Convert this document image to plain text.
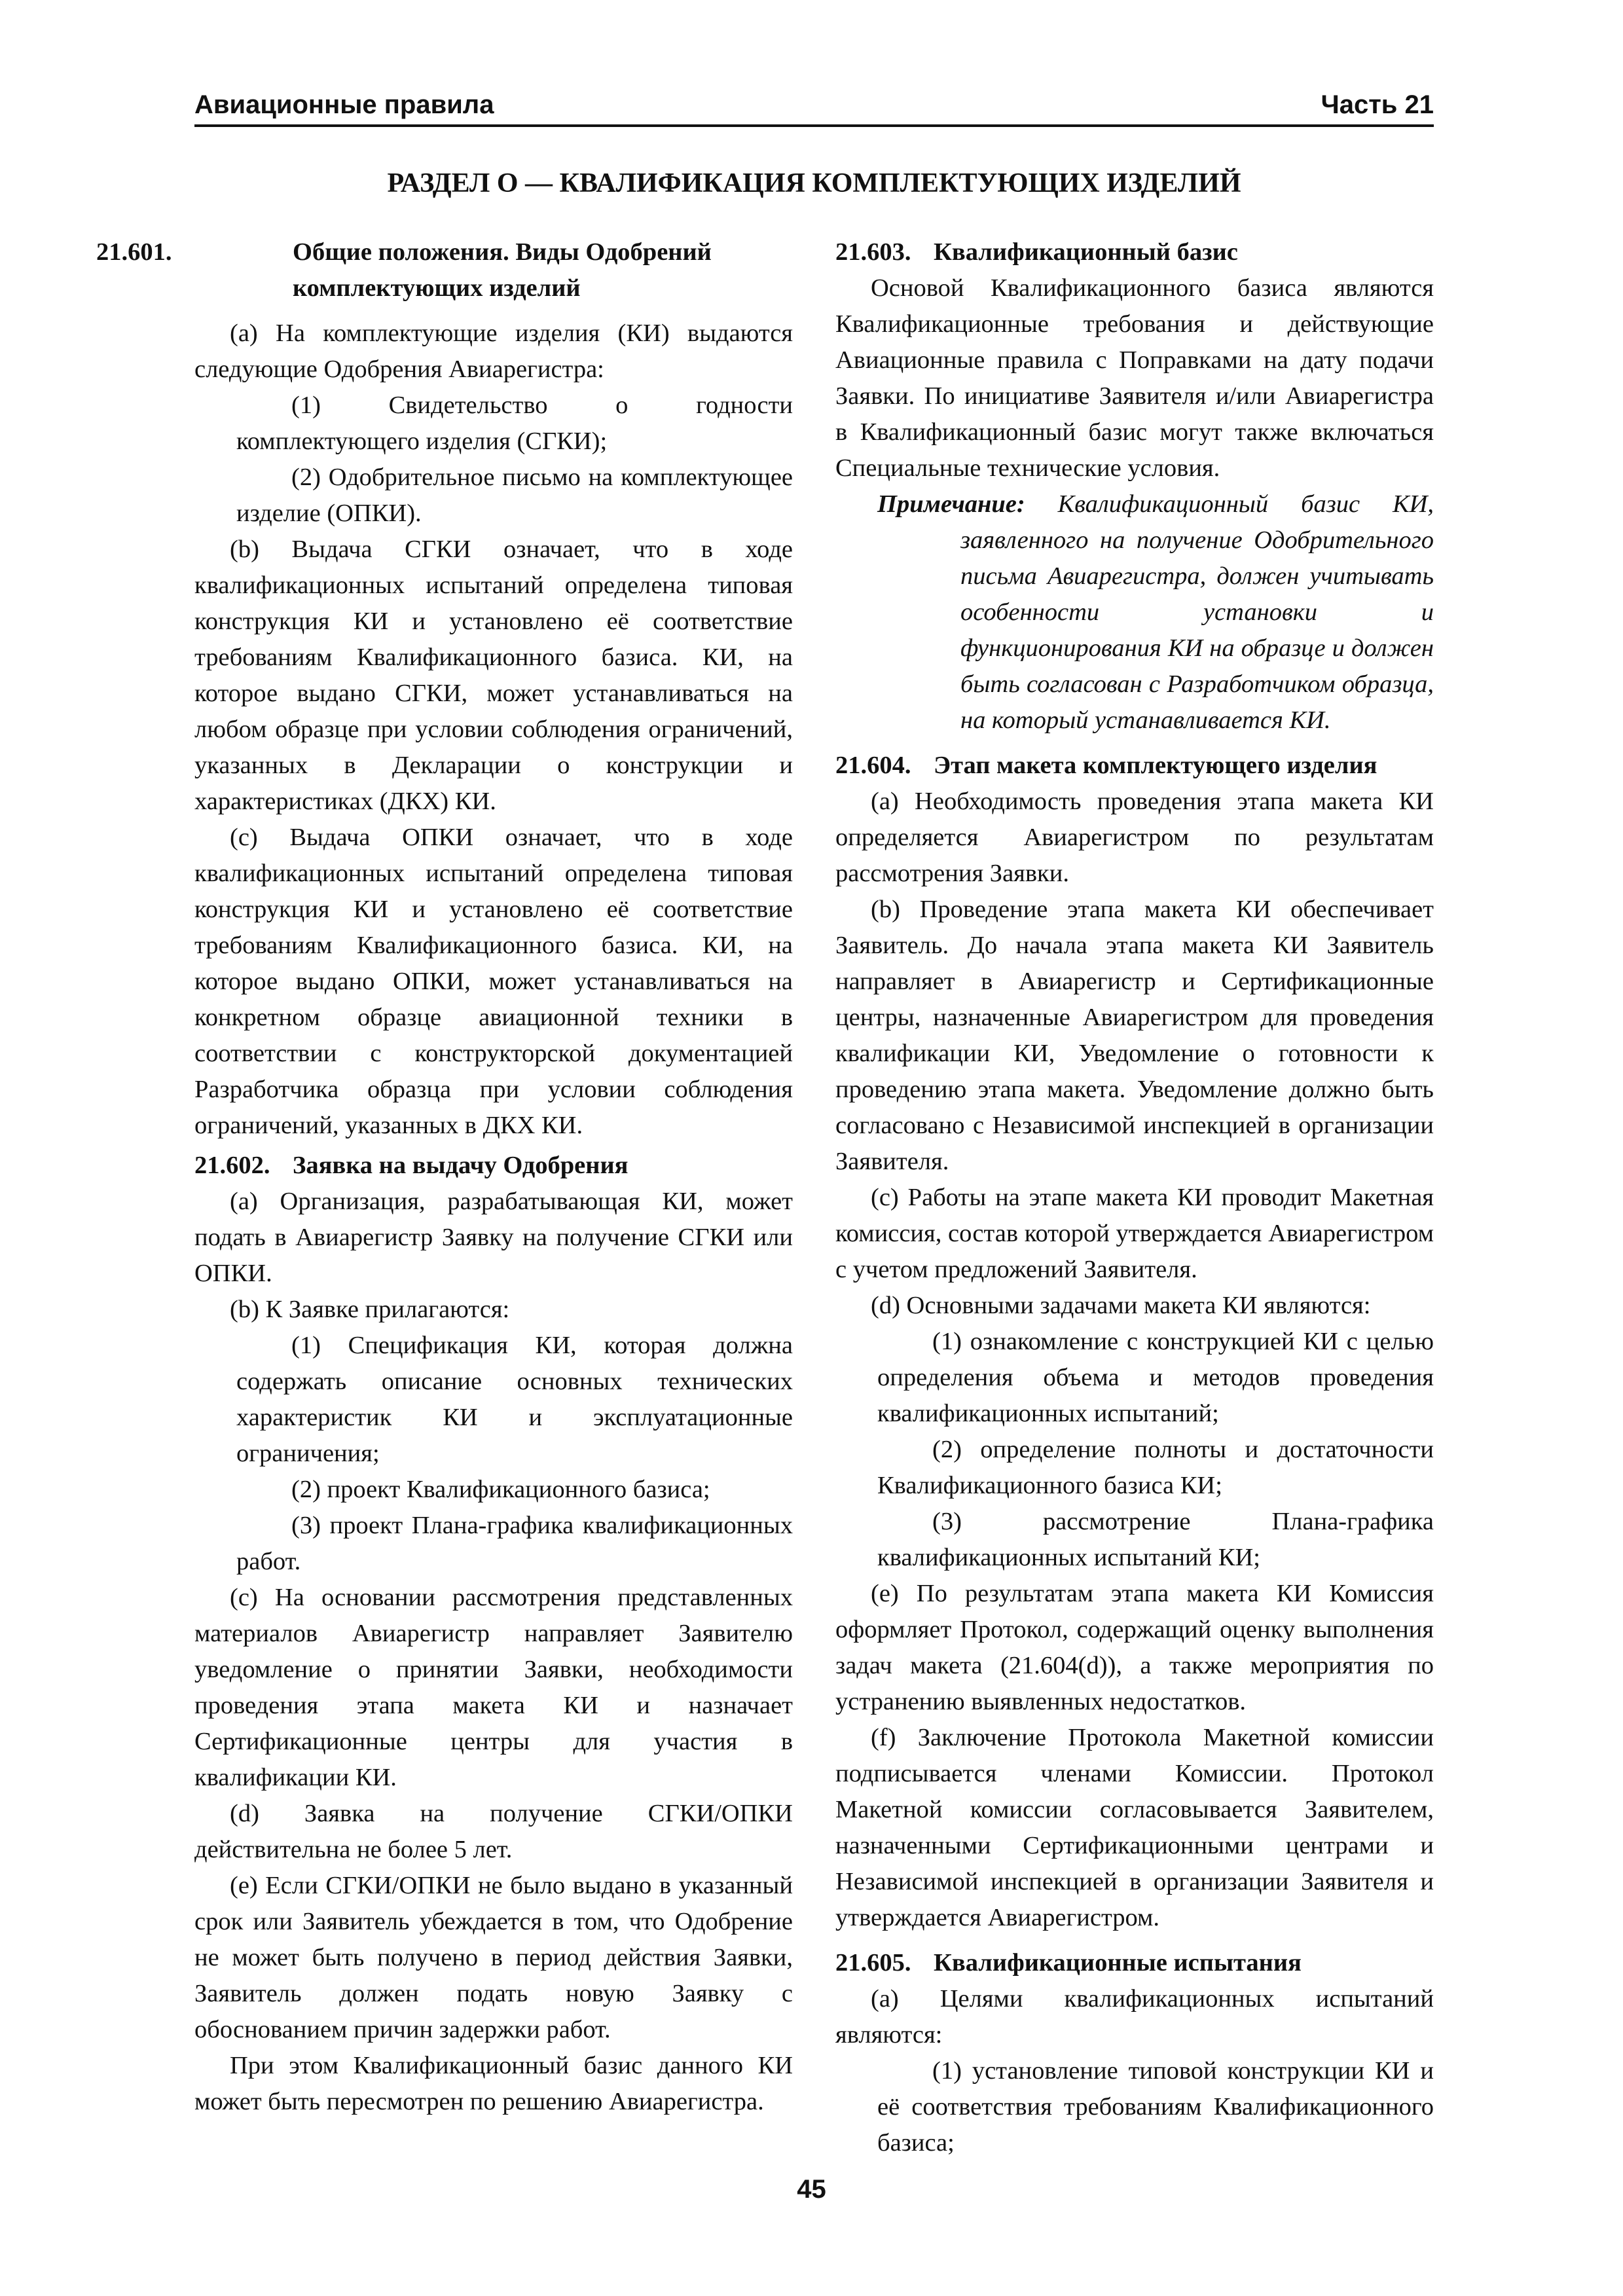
Авиационные правила	Часть 21
РАЗДЕЛ О — КВАЛИФИКАЦИЯ КОМПЛЕКТУЮЩИХ ИЗДЕЛИЙ

21.601.	Общие положения. Виды Одобрений комплектующих изделий

(a) На комплектующие изделия (КИ) выдаются следующие Одобрения Авиарегистра:

(1) Свидетельство о годности комплектующего изделия (СГКИ);

(2) Одобрительное письмо на комплектующее изделие (ОПКИ).

(b) Выдача СГКИ означает, что в ходе квалификационных испытаний определена типовая конструкция КИ и установлено её соответствие требованиям Квалификационного базиса. КИ, на которое выдано СГКИ, может устанавливаться на любом образце при условии соблюдения ограничений, указанных в Декларации о конструкции и характеристиках (ДКХ) КИ.

(c) Выдача ОПКИ означает, что в ходе квалификационных испытаний определена типовая конструкция КИ и установлено её соответствие требованиям Квалификационного базиса. КИ, на которое выдано ОПКИ, может устанавливаться на конкретном образце авиационной техники в соответствии с конструкторской документацией Разработчика образца при условии соблюдения ограничений, указанных в ДКХ КИ.

21.602. Заявка на выдачу Одобрения

(a) Организация, разрабатывающая КИ, может подать в Авиарегистр Заявку на получение СГКИ или ОПКИ.

(b) К Заявке прилагаются:

(1) Спецификация КИ, которая должна содержать описание основных технических характеристик КИ и эксплуатационные ограничения;

(2) проект Квалификационного базиса;

(3) проект Плана-графика квалификационных работ.

(c) На основании рассмотрения представленных материалов Авиарегистр направляет Заявителю уведомление о принятии Заявки, необходимости проведения этапа макета КИ и назначает Сертификационные центры для участия в квалификации КИ.

(d) Заявка на получение СГКИ/ОПКИ действительна не более 5 лет.

(e) Если СГКИ/ОПКИ не было выдано в указанный срок или Заявитель убеждается в том, что Одобрение не может быть получено в период действия Заявки, Заявитель должен подать новую Заявку с обоснованием причин задержки работ.

При этом Квалификационный базис данного КИ может быть пересмотрен по решению Авиарегистра.

21.603. Квалификационный базис

Основой Квалификационного базиса являются Квалификационные требования и действующие Авиационные правила с Поправками на дату подачи Заявки. По инициативе Заявителя и/или Авиарегистра в Квалификационный базис могут также включаться Специальные технические условия.

Примечание: Квалификационный базис КИ, заявленного на получение Одобрительного письма Авиарегистра, должен учитывать особенности установки и функционирования КИ на образце и должен быть согласован с Разработчиком образца, на который устанавливается КИ.

21.604. Этап макета комплектующего изделия

(a) Необходимость проведения этапа макета КИ определяется Авиарегистром по результатам рассмотрения Заявки.

(b) Проведение этапа макета КИ обеспечивает Заявитель. До начала этапа макета КИ Заявитель направляет в Авиарегистр и Сертификационные центры, назначенные Авиарегистром для проведения квалификации КИ, Уведомление о готовности к проведению этапа макета. Уведомление должно быть согласовано с Независимой инспекцией в организации Заявителя.

(c) Работы на этапе макета КИ проводит Макетная комиссия, состав которой утверждается Авиарегистром с учетом предложений Заявителя.

(d) Основными задачами макета КИ являются:

(1) ознакомление с конструкцией КИ с целью определения объема и методов проведения квалификационных испытаний;

(2) определение полноты и достаточности Квалификационного базиса КИ;

(3) рассмотрение Плана-графика квалификационных испытаний КИ;

(e) По результатам этапа макета КИ Комиссия оформляет Протокол, содержащий оценку выполнения задач макета (21.604(d)), а также мероприятия по устранению выявленных недостатков.

(f) Заключение Протокола Макетной комиссии подписывается членами Комиссии. Протокол Макетной комиссии согласовывается Заявителем, назначенными Сертификационными центрами и Независимой инспекцией в организации Заявителя и утверждается Авиарегистром.

21.605. Квалификационные испытания

(a) Целями квалификационных испытаний являются:

(1) установление типовой конструкции КИ и её соответствия требованиям Квалификационного базиса;

45
